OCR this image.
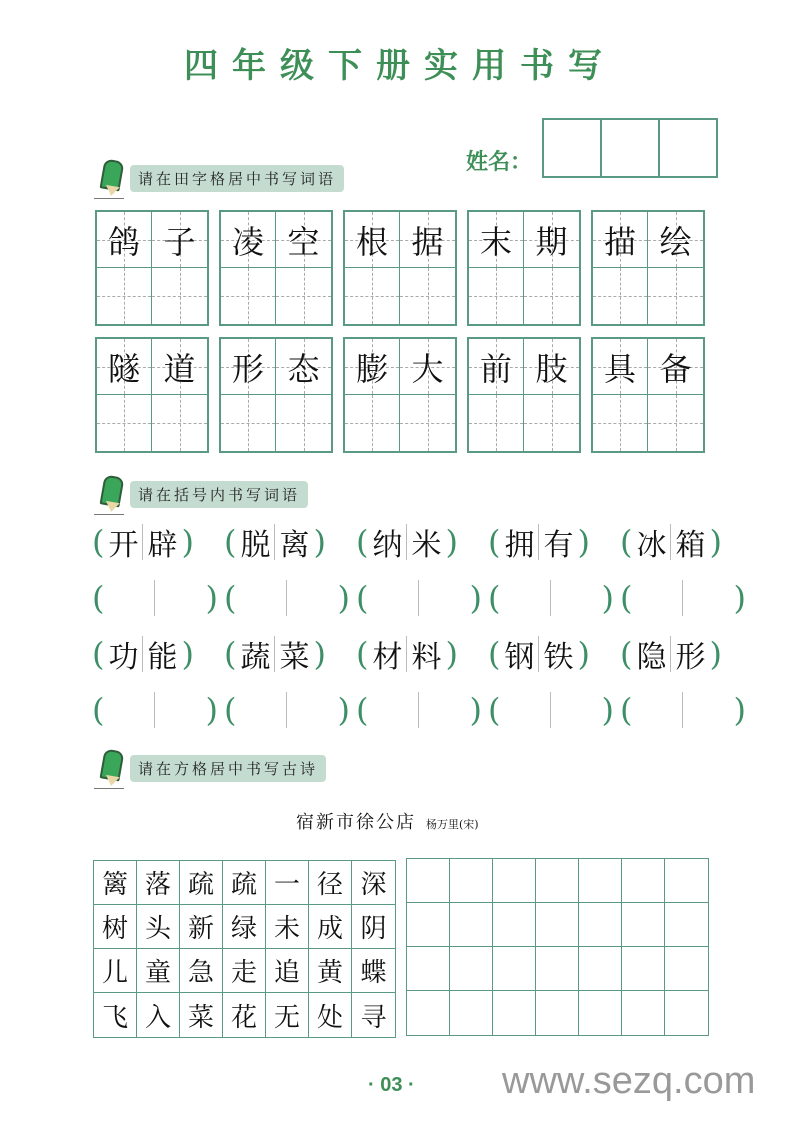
四年级下册实用书写
姓名：
请在田字格居中书写词语
鸽 子 凌 空 根 据 末 期 描 绘
隧 道 形 态 膨 大 前 肢 具 备
请在括号内书写词语
( 开 辟 ) ( 脱 离 ) ( 纳 米 ) ( 拥 有 ) ( 冰 箱 )
(	) (	) (	) (	) (	)
( 功 能 ) ( 蔬 菜 ) ( 材 料 ) ( 钢 铁 ) ( 隐 形 )
(	) (	) (	) (	) (	)
请在方格居中书写古诗
宿新市徐公店 杨万里(宋)
篱 落 疏 疏 一 径 深
树 头 新 绿 未 成 阴
儿 童 急 走 追 黄 蝶
飞 入 菜 花 无 处 寻
· 03 · www.sezq.com
